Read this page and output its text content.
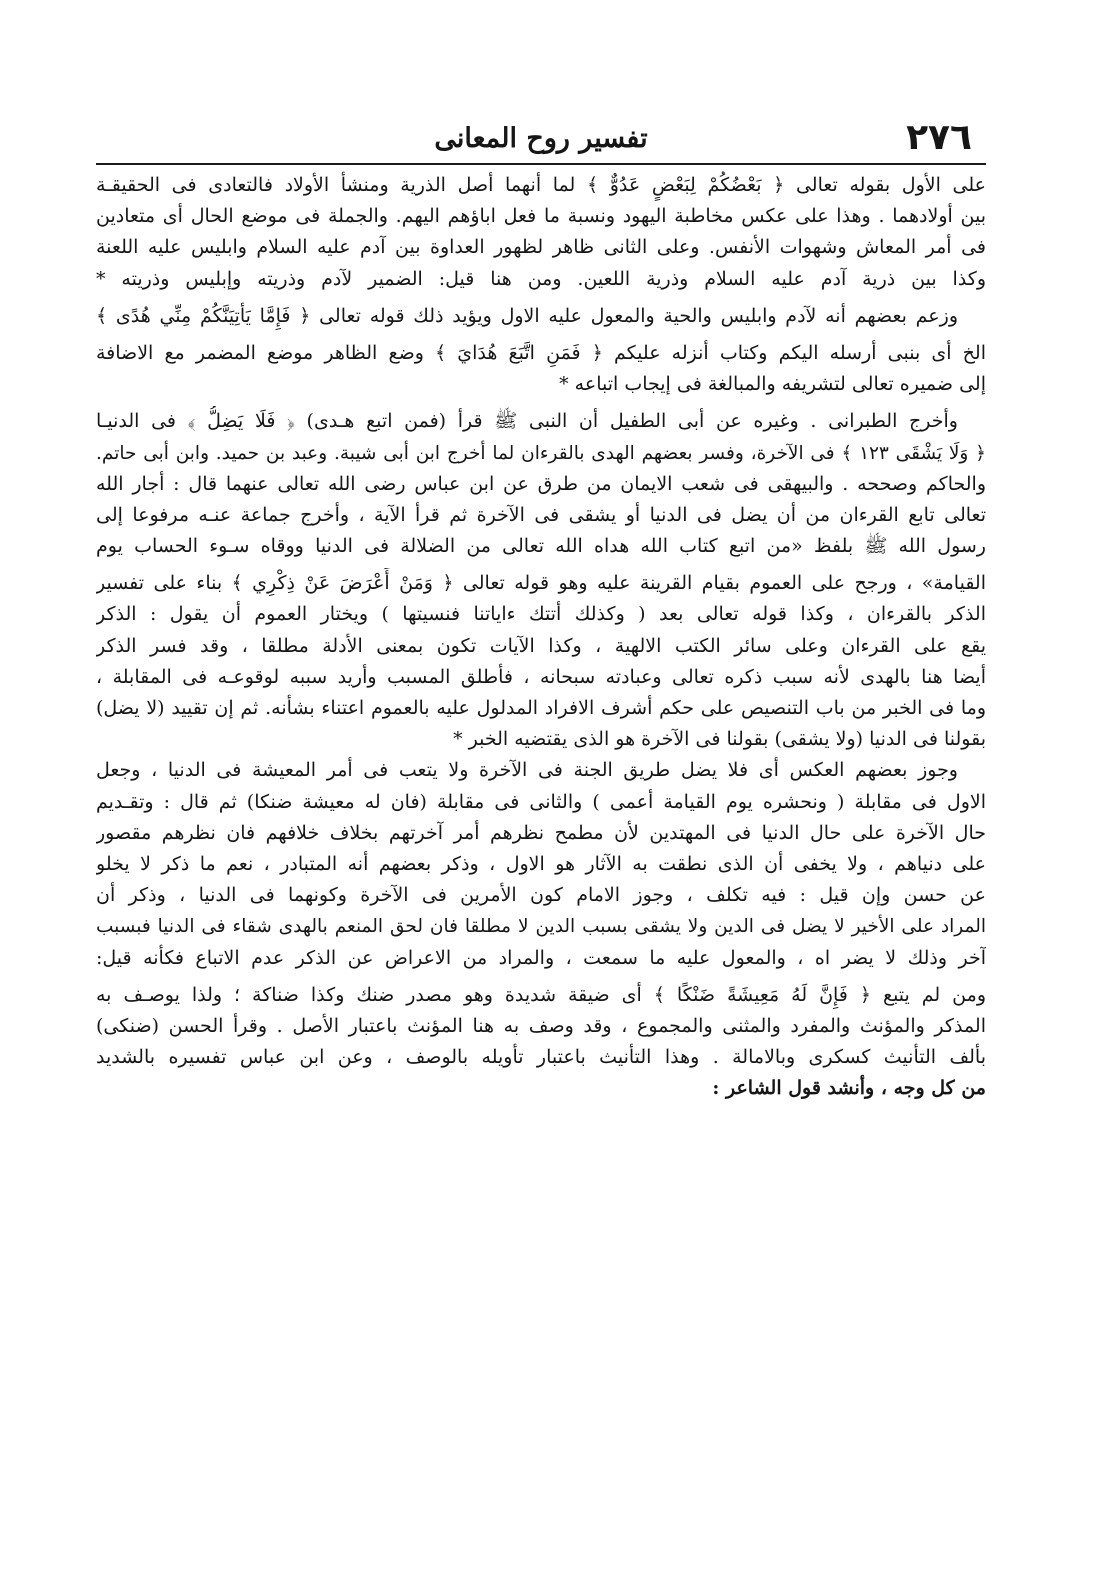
٢٧٦
تفسير روح المعانى
على الأول بقوله تعالى ﴿ بَعْضُكُمْ لِبَعْضٍ عَدُوٌّ ﴾ لما أنهما أصل الذرية ومنشأ الأولاد فالتعادى فى الحقيقـة
بين أولادهما . وهذا على عكس مخاطبة اليهود ونسبة ما فعل اباؤهم اليهم. والجملة فى موضع الحال أى متعادين
فى أمر المعاش وشهوات الأنفس. وعلى الثانى ظاهر لظهور العداوة بين آدم عليه السلام وابليس عليه اللعنة
وكذا بين ذرية آدم عليه السلام وذرية اللعين. ومن هنا قيل: الضمير لآدم وذريته وإبليس وذريته *
وزعم بعضهم أنه لآدم وابليس والحية والمعول عليه الاول ويؤيد ذلك قوله تعالى ﴿ فَإِمَّا يَأْتِيَنَّكُمْ مِنِّي هُدًى ﴾
الخ أى بنبى أرسله اليكم وكتاب أنزله عليكم ﴿ فَمَنِ اتَّبَعَ هُدَايَ ﴾ وضع الظاهر موضع المضمر مع الاضافة
إلى ضميره تعالى لتشريفه والمبالغة فى إيجاب اتباعه *
وأخرج الطبرانى . وغيره عن أبى الطفيل أن النبى ﷺ قرأ (فمن اتبع هـدى) ﴿ فَلَا يَضِلُّ ﴾ فى الدنيـا
﴿ وَلَا يَشْقَى ١٢٣ ﴾ فى الآخرة، وفسر بعضهم الهدى بالقرءان لما أخرج ابن أبى شيبة. وعبد بن حميد. وابن أبى حاتم.
والحاكم وصححه . والبيهقى فى شعب الايمان من طرق عن ابن عباس رضى الله تعالى عنهما قال : أجار الله
تعالى تابع القرءان من أن يضل فى الدنيا أو يشقى فى الآخرة ثم قرأ الآية ، وأخرج جماعة عنـه مرفوعا إلى
رسول الله ﷺ بلفظ «من اتبع كتاب الله هداه الله تعالى من الضلالة فى الدنيا ووقاه سـوء الحساب يوم
القيامة» ، ورجح على العموم بقيام القرينة عليه وهو قوله تعالى ﴿ وَمَنْ أَعْرَضَ عَنْ ذِكْرِي ﴾ بناء على تفسير
الذكر بالقرءان ، وكذا قوله تعالى بعد ( وكذلك أتتك ءاياتنا فنسيتها ) ويختار العموم أن يقول : الذكر
يقع على القرءان وعلى سائر الكتب الالهية ، وكذا الآيات تكون بمعنى الأدلة مطلقا ، وقد فسر الذكر
أيضا هنا بالهدى لأنه سبب ذكره تعالى وعبادته سبحانه ، فأطلق المسبب وأريد سببه لوقوعـه فى المقابلة ،
وما فى الخبر من باب التنصيص على حكم أشرف الافراد المدلول عليه بالعموم اعتناء بشأنه. ثم إن تقييد (لا يضل)
بقولنا فى الدنيا (ولا يشقى) بقولنا فى الآخرة هو الذى يقتضيه الخبر *
وجوز بعضهم العكس أى فلا يضل طريق الجنة فى الآخرة ولا يتعب فى أمر المعيشة فى الدنيا ، وجعل
الاول فى مقابلة ( ونحشره يوم القيامة أعمى ) والثانى فى مقابلة (فان له معيشة ضنكا) ثم قال : وتقـديم
حال الآخرة على حال الدنيا فى المهتدين لأن مطمح نظرهم أمر آخرتهم بخلاف خلافهم فان نظرهم مقصور
على دنياهم ، ولا يخفى أن الذى نطقت به الآثار هو الاول ، وذكر بعضهم أنه المتبادر ، نعم ما ذكر لا يخلو
عن حسن وإن قيل : فيه تكلف ، وجوز الامام كون الأمرين فى الآخرة وكونهما فى الدنيا ، وذكر أن
المراد على الأخير لا يضل فى الدين ولا يشقى بسبب الدين لا مطلقا فان لحق المنعم بالهدى شقاء فى الدنيا فبسبب
آخر وذلك لا يضر اه ، والمعول عليه ما سمعت ، والمراد من الاعراض عن الذكر عدم الاتباع فكأنه قيل:
ومن لم يتبع ﴿ فَإِنَّ لَهُ مَعِيشَةً ضَنْكًا ﴾ أى ضيقة شديدة وهو مصدر ضنك وكذا ضناكة ؛ ولذا يوصـف به
المذكر والمؤنث والمفرد والمثنى والمجموع ، وقد وصف به هنا المؤنث باعتبار الأصل . وقرأ الحسن (ضنكى)
بألف التأنيث كسكرى وبالامالة . وهذا التأنيث باعتبار تأويله بالوصف ، وعن ابن عباس تفسيره بالشديد
من كل وجه ، وأنشد قول الشاعر :
